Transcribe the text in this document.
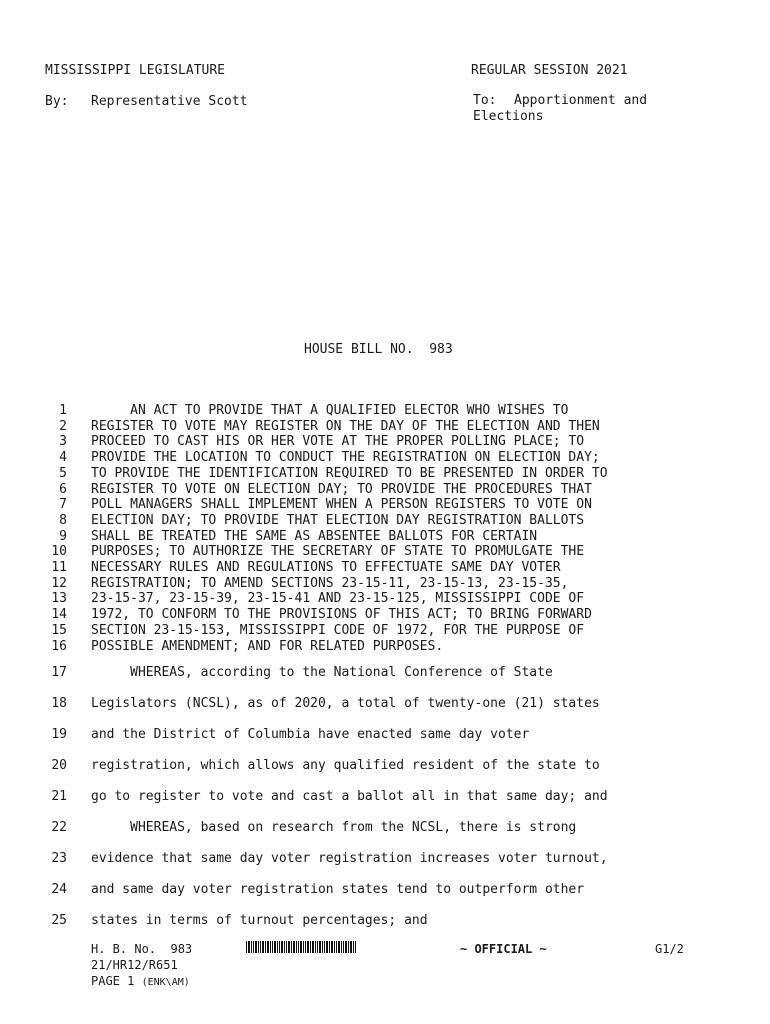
MISSISSIPPI LEGISLATURE	REGULAR SESSION 2021
By: Representative Scott	To: Apportionment and
Elections
HOUSE BILL NO.  983
1 AN ACT TO PROVIDE THAT A QUALIFIED ELECTOR WHO WISHES TO
2 REGISTER TO VOTE MAY REGISTER ON THE DAY OF THE ELECTION AND THEN
3 PROCEED TO CAST HIS OR HER VOTE AT THE PROPER POLLING PLACE; TO
4 PROVIDE THE LOCATION TO CONDUCT THE REGISTRATION ON ELECTION DAY;
5 TO PROVIDE THE IDENTIFICATION REQUIRED TO BE PRESENTED IN ORDER TO
6 REGISTER TO VOTE ON ELECTION DAY; TO PROVIDE THE PROCEDURES THAT
7 POLL MANAGERS SHALL IMPLEMENT WHEN A PERSON REGISTERS TO VOTE ON
8 ELECTION DAY; TO PROVIDE THAT ELECTION DAY REGISTRATION BALLOTS
9 SHALL BE TREATED THE SAME AS ABSENTEE BALLOTS FOR CERTAIN
10 PURPOSES; TO AUTHORIZE THE SECRETARY OF STATE TO PROMULGATE THE
11 NECESSARY RULES AND REGULATIONS TO EFFECTUATE SAME DAY VOTER
12 REGISTRATION; TO AMEND SECTIONS 23-15-11, 23-15-13, 23-15-35,
13 23-15-37, 23-15-39, 23-15-41 AND 23-15-125, MISSISSIPPI CODE OF
14 1972, TO CONFORM TO THE PROVISIONS OF THIS ACT; TO BRING FORWARD
15 SECTION 23-15-153, MISSISSIPPI CODE OF 1972, FOR THE PURPOSE OF
16 POSSIBLE AMENDMENT; AND FOR RELATED PURPOSES.
17 WHEREAS, according to the National Conference of State
18 Legislators (NCSL), as of 2020, a total of twenty-one (21) states
19 and the District of Columbia have enacted same day voter
20 registration, which allows any qualified resident of the state to
21 go to register to vote and cast a ballot all in that same day; and
22 WHEREAS, based on research from the NCSL, there is strong
23 evidence that same day voter registration increases voter turnout,
24 and same day voter registration states tend to outperform other
25 states in terms of turnout percentages; and
H. B. No.  983	~ OFFICIAL ~	G1/2
21/HR12/R651
PAGE 1 (ENK\AM)
